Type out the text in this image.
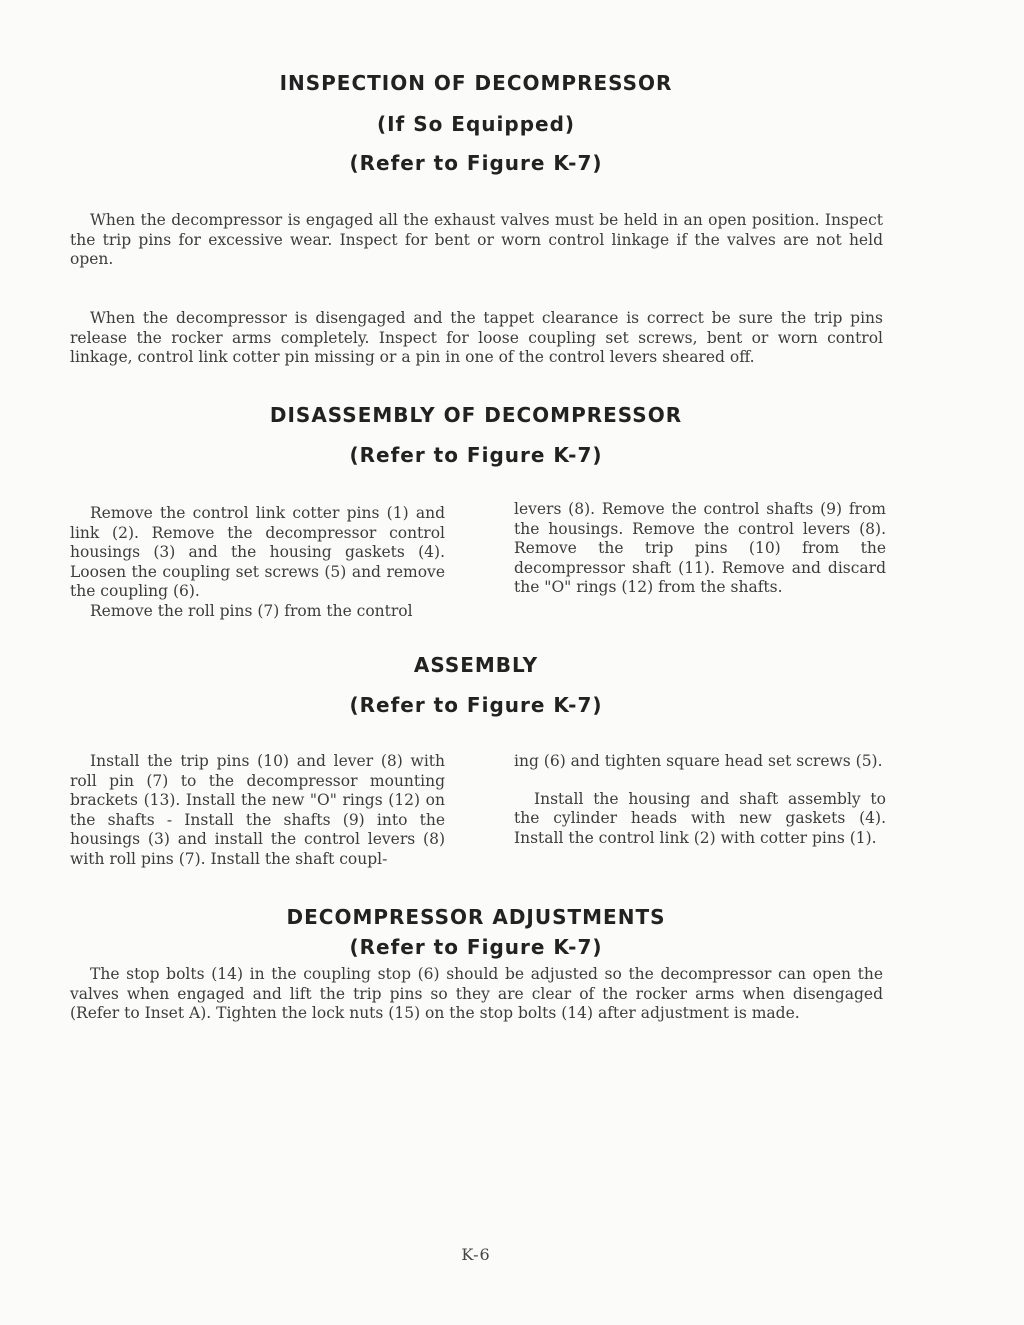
INSPECTION OF DECOMPRESSOR
(If So Equipped)
(Refer to Figure K-7)

When the decompressor is engaged all the exhaust valves must be held in an open position. Inspect the trip pins for excessive wear. Inspect for bent or worn control linkage if the valves are not held open.

When the decompressor is disengaged and the tappet clearance is correct be sure the trip pins release the rocker arms completely. Inspect for loose coupling set screws, bent or worn control linkage, control link cotter pin missing or a pin in one of the control levers sheared off.

DISASSEMBLY OF DECOMPRESSOR
(Refer to Figure K-7)

Remove the control link cotter pins (1) and link (2). Remove the decompressor control housings (3) and the housing gaskets (4). Loosen the coupling set screws (5) and remove the coupling (6).

Remove the roll pins (7) from the control

levers (8). Remove the control shafts (9) from the housings. Remove the control levers (8). Remove the trip pins (10) from the decompressor shaft (11). Remove and discard the "O" rings (12) from the shafts.

ASSEMBLY
(Refer to Figure K-7)

Install the trip pins (10) and lever (8) with roll pin (7) to the decompressor mounting brackets (13). Install the new "O" rings (12) on the shafts - Install the shafts (9) into the housings (3) and install the control levers (8) with roll pins (7). Install the shaft coupl-

ing (6) and tighten square head set screws (5).

Install the housing and shaft assembly to the cylinder heads with new gaskets (4). Install the control link (2) with cotter pins (1).

DECOMPRESSOR ADJUSTMENTS
(Refer to Figure K-7)

The stop bolts (14) in the coupling stop (6) should be adjusted so the decompressor can open the valves when engaged and lift the trip pins so they are clear of the rocker arms when disengaged (Refer to Inset A). Tighten the lock nuts (15) on the stop bolts (14) after adjustment is made.

K-6
